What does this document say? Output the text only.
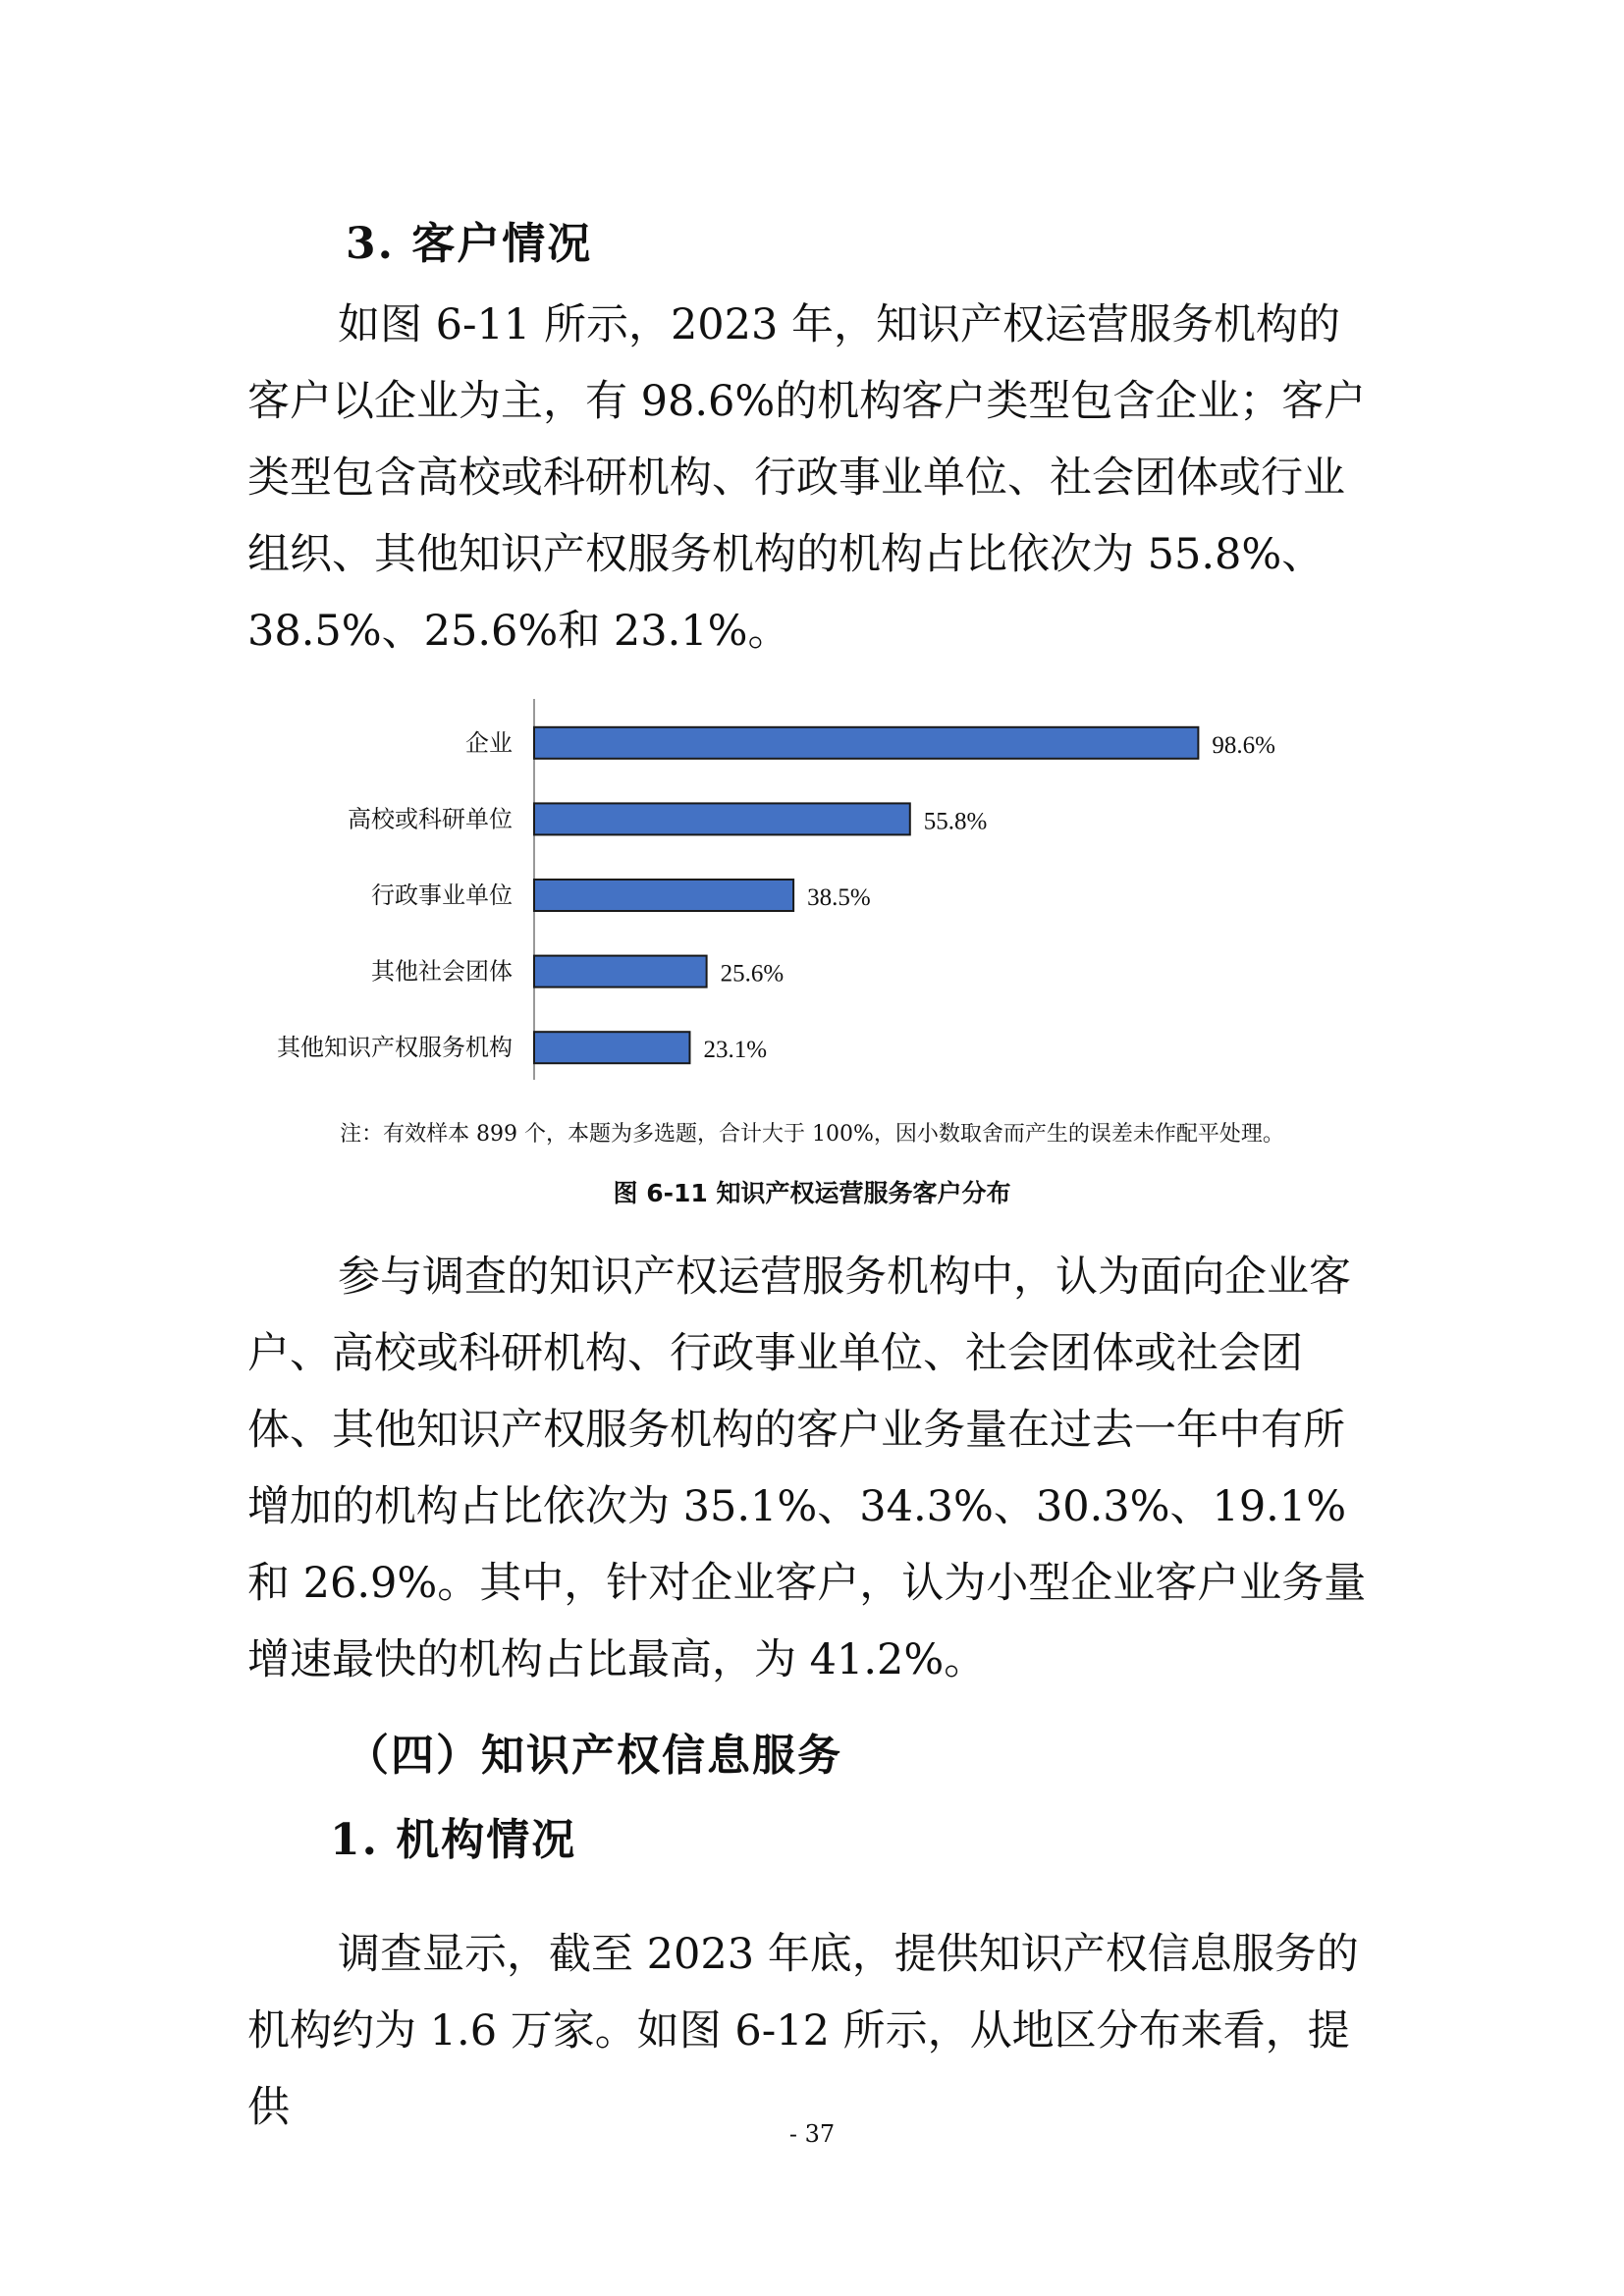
3. 客户情况

如图 6-11 所示，2023 年，知识产权运营服务机构的客户以企业为主，有 98.6%的机构客户类型包含企业；客户类型包含高校或科研机构、行政事业单位、社会团体或行业组织、其他知识产权服务机构的机构占比依次为 55.8%、38.5%、25.6%和 23.1%。

企业	98.6%
高校或科研单位	55.8%
行政事业单位	38.5%
其他社会团体	25.6%
其他知识产权服务机构	23.1%
注：有效样本 899 个，本题为多选题，合计大于 100%，因小数取舍而产生的误差未作配平处理。
图 6-11 知识产权运营服务客户分布

参与调查的知识产权运营服务机构中，认为面向企业客户、高校或科研机构、行政事业单位、社会团体或社会团体、其他知识产权服务机构的客户业务量在过去一年中有所增加的机构占比依次为 35.1%、34.3%、30.3%、19.1%和 26.9%。其中，针对企业客户，认为小型企业客户业务量增速最快的机构占比最高，为 41.2%。

（四）知识产权信息服务
1. 机构情况

调查显示，截至 2023 年底，提供知识产权信息服务的机构约为 1.6 万家。如图 6-12 所示，从地区分布来看，提供

- 37
